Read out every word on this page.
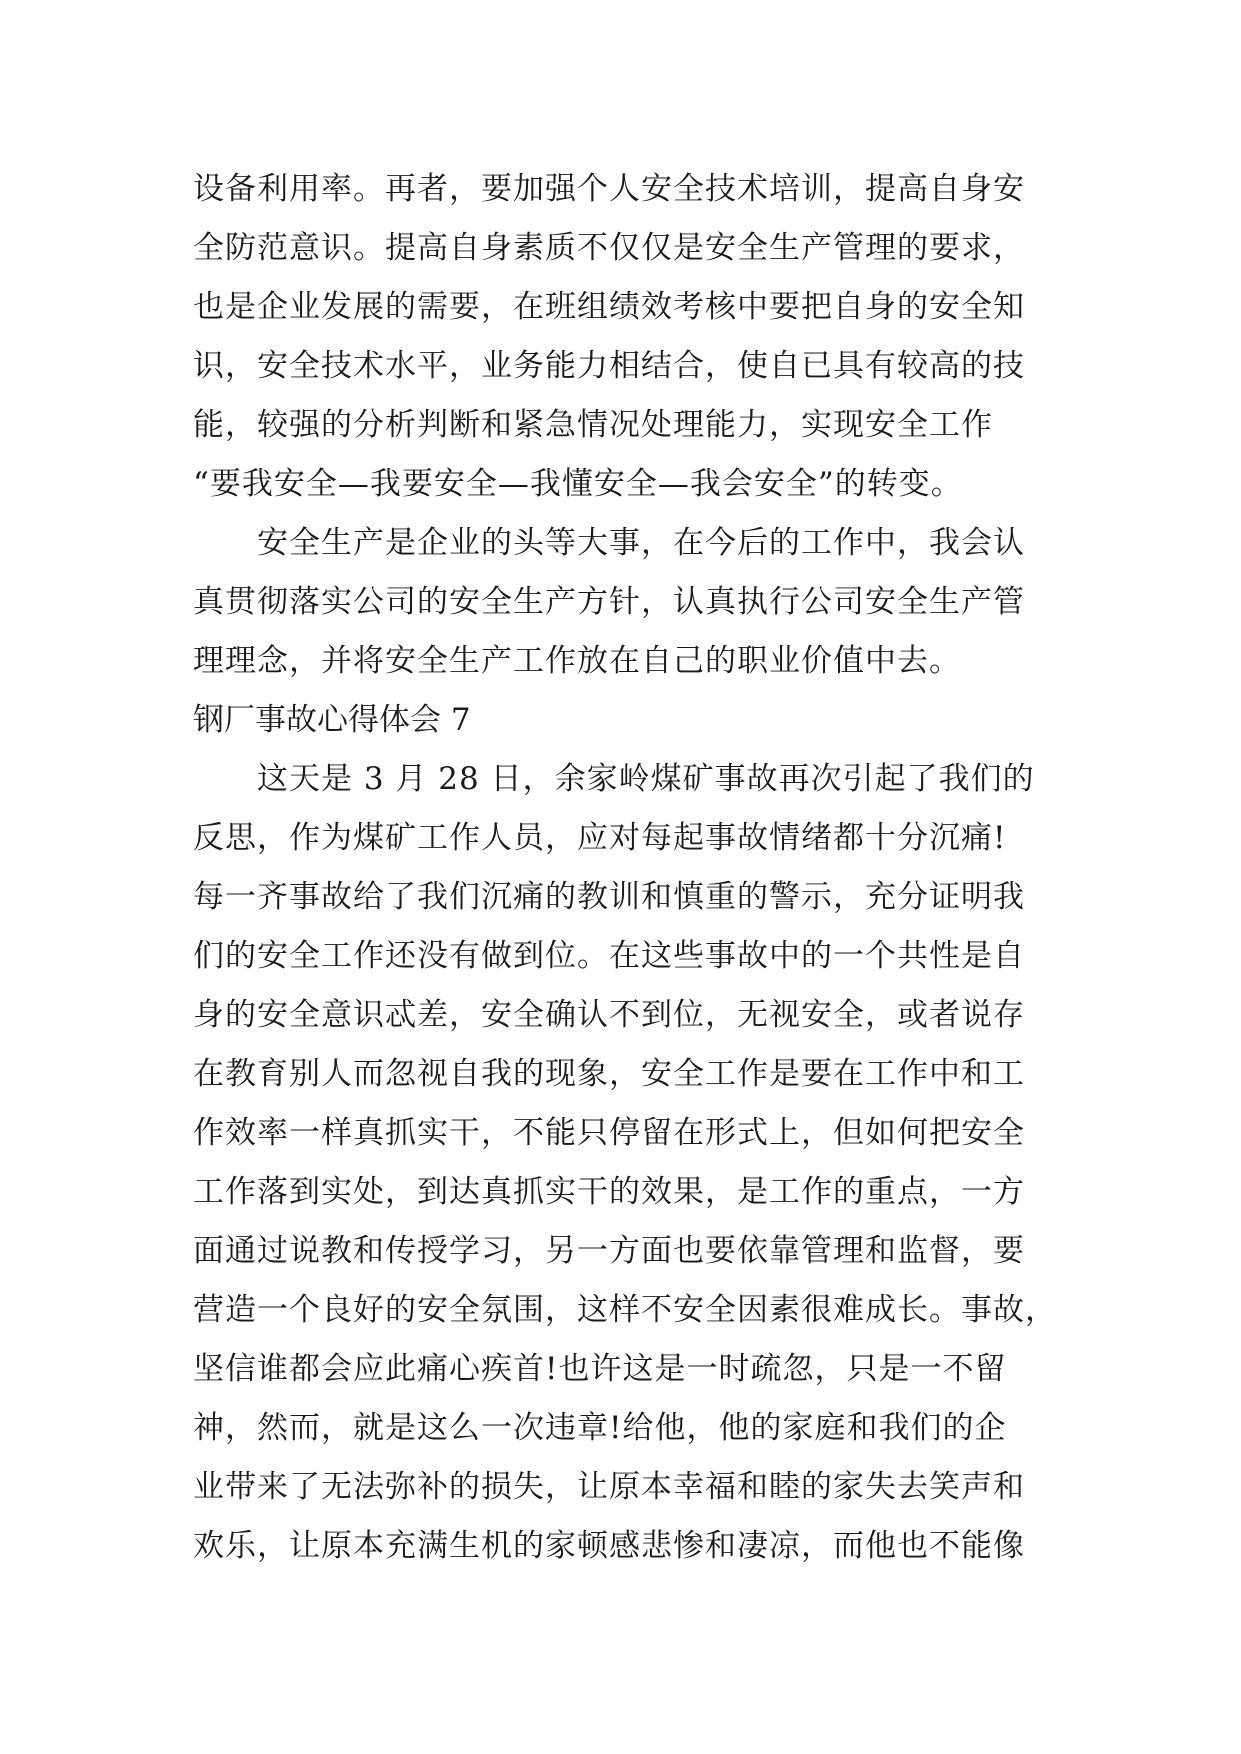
设备利用率。再者，要加强个人安全技术培训，提高自身安
全防范意识。提高自身素质不仅仅是安全生产管理的要求，
也是企业发展的需要，在班组绩效考核中要把自身的安全知
识，安全技术水平，业务能力相结合，使自已具有较高的技
能，较强的分析判断和紧急情况处理能力，实现安全工作
“要我安全—我要安全—我懂安全—我会安全”的转变。
　　安全生产是企业的头等大事，在今后的工作中，我会认
真贯彻落实公司的安全生产方针，认真执行公司安全生产管
理理念，并将安全生产工作放在自己的职业价值中去。
钢厂事故心得体会 7
　　这天是 3 月 28 日，余家岭煤矿事故再次引起了我们的
反思，作为煤矿工作人员，应对每起事故情绪都十分沉痛!
每一齐事故给了我们沉痛的教训和慎重的警示，充分证明我
们的安全工作还没有做到位。在这些事故中的一个共性是自
身的安全意识忒差，安全确认不到位，无视安全，或者说存
在教育别人而忽视自我的现象，安全工作是要在工作中和工
作效率一样真抓实干，不能只停留在形式上，但如何把安全
工作落到实处，到达真抓实干的效果，是工作的重点，一方
面通过说教和传授学习，另一方面也要依靠管理和监督，要
营造一个良好的安全氛围，这样不安全因素很难成长。事故，
坚信谁都会应此痛心疾首!也许这是一时疏忽，只是一不留
神，然而，就是这么一次违章!给他，他的家庭和我们的企
业带来了无法弥补的损失，让原本幸福和睦的家失去笑声和
欢乐，让原本充满生机的家顿感悲惨和凄凉，而他也不能像
